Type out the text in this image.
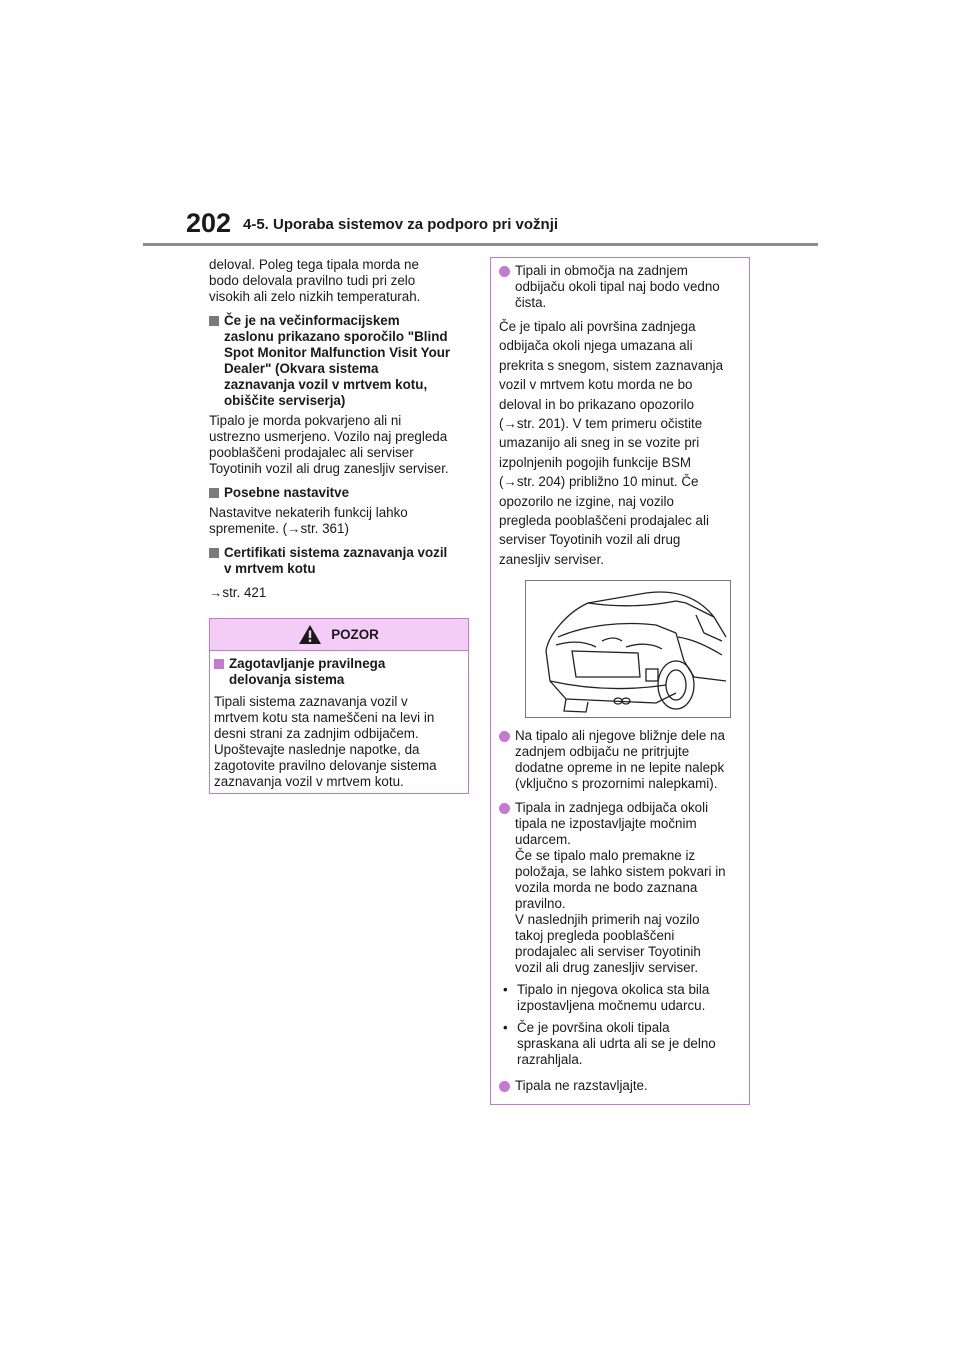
202 4-5. Uporaba sistemov za podporo pri vožnji

deloval. Poleg tega tipala morda ne

bodo delovala pravilno tudi pri zelo

visokih ali zelo nizkih temperaturah.

Če je na večinformacijskem

zaslonu prikazano sporočilo "Blind

Spot Monitor Malfunction Visit Your

Dealer" (Okvara sistema

zaznavanja vozil v mrtvem kotu,

obiščite serviserja)

Tipalo je morda pokvarjeno ali ni

ustrezno usmerjeno. Vozilo naj pregleda

pooblaščeni prodajalec ali serviser

Toyotinih vozil ali drug zanesljiv serviser.

Posebne nastavitve

Nastavitve nekaterih funkcij lahko

spremenite. (→str. 361)

Certifikati sistema zaznavanja vozil

v mrtvem kotu

→str. 421

POZOR

Zagotavljanje pravilnega

delovanja sistema

Tipali sistema zaznavanja vozil v

mrtvem kotu sta nameščeni na levi in

desni strani za zadnjim odbijačem.

Upoštevajte naslednje napotke, da

zagotovite pravilno delovanje sistema

zaznavanja vozil v mrtvem kotu.

Tipali in območja na zadnjem

odbijaču okoli tipal naj bodo vedno

čista.

Če je tipalo ali površina zadnjega

odbijača okoli njega umazana ali

prekrita s snegom, sistem zaznavanja

vozil v mrtvem kotu morda ne bo

deloval in bo prikazano opozorilo

(→str. 201). V tem primeru očistite

umazanijo ali sneg in se vozite pri

izpolnjenih pogojih funkcije BSM

(→str. 204) približno 10 minut. Če

opozorilo ne izgine, naj vozilo

pregleda pooblaščeni prodajalec ali

serviser Toyotinih vozil ali drug

zanesljiv serviser.

Na tipalo ali njegove bližnje dele na

zadnjem odbijaču ne pritrjujte

dodatne opreme in ne lepite nalepk

(vključno s prozornimi nalepkami).

Tipala in zadnjega odbijača okoli

tipala ne izpostavljajte močnim

udarcem.

Če se tipalo malo premakne iz

položaja, se lahko sistem pokvari in

vozila morda ne bodo zaznana

pravilno.

V naslednjih primerih naj vozilo

takoj pregleda pooblaščeni

prodajalec ali serviser Toyotinih

vozil ali drug zanesljiv serviser.

• Tipalo in njegova okolica sta bila

izpostavljena močnemu udarcu.

• Če je površina okoli tipala

spraskana ali udrta ali se je delno

razrahljala.

Tipala ne razstavljajte.
